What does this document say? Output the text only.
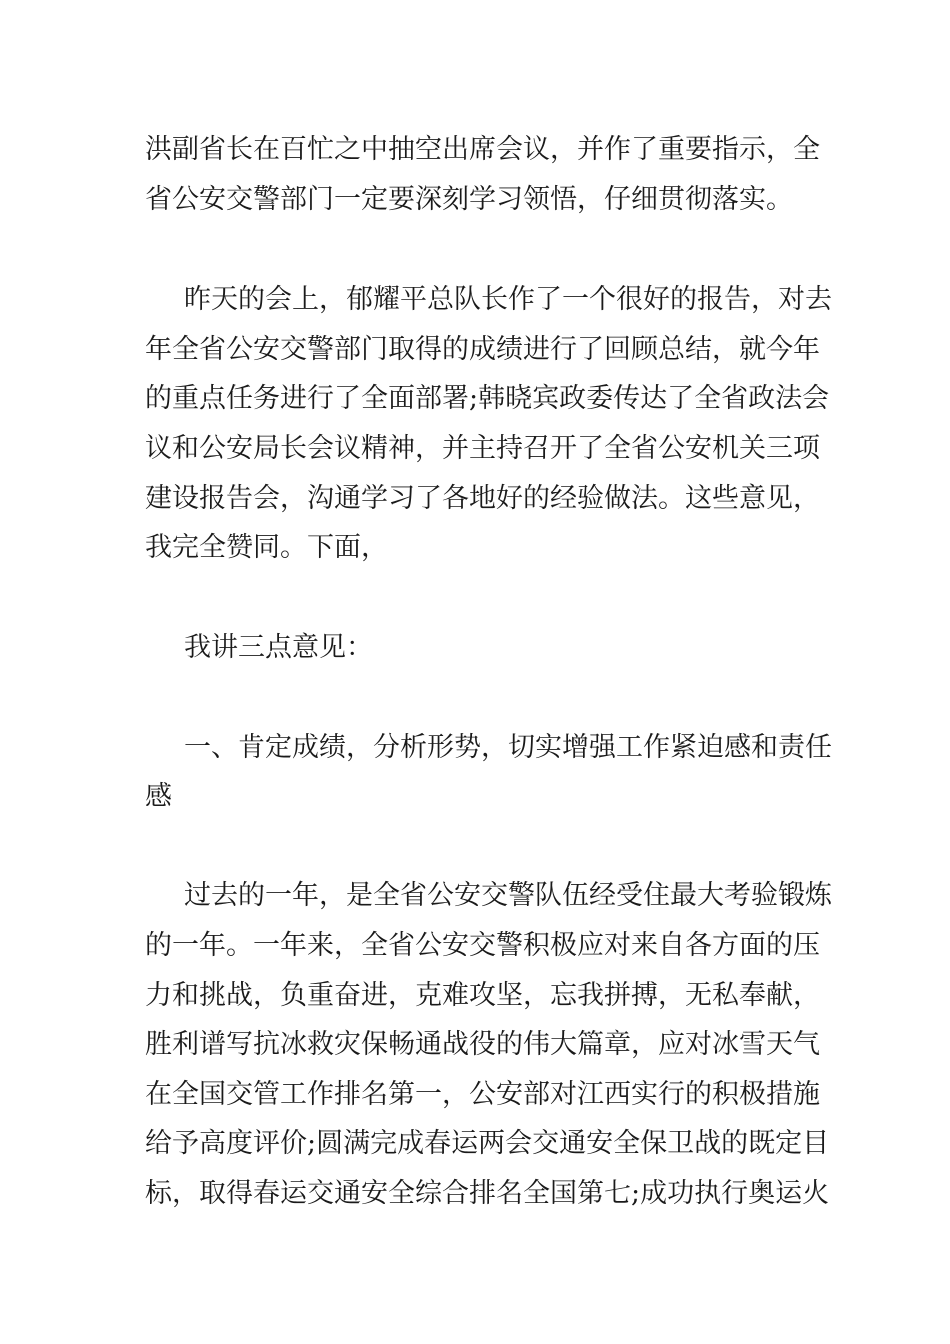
洪副省长在百忙之中抽空出席会议，并作了重要指示，全
省公安交警部门一定要深刻学习领悟，仔细贯彻落实。
昨天的会上，郁耀平总队长作了一个很好的报告，对去
年全省公安交警部门取得的成绩进行了回顾总结，就今年
的重点任务进行了全面部署;韩晓宾政委传达了全省政法会
议和公安局长会议精神，并主持召开了全省公安机关三项
建设报告会，沟通学习了各地好的经验做法。这些意见，
我完全赞同。下面，
我讲三点意见：
一、肯定成绩，分析形势，切实增强工作紧迫感和责任
感
过去的一年，是全省公安交警队伍经受住最大考验锻炼
的一年。一年来，全省公安交警积极应对来自各方面的压
力和挑战，负重奋进，克难攻坚，忘我拼搏，无私奉献，
胜利谱写抗冰救灾保畅通战役的伟大篇章，应对冰雪天气
在全国交管工作排名第一，公安部对江西实行的积极措施
给予高度评价;圆满完成春运两会交通安全保卫战的既定目
标，取得春运交通安全综合排名全国第七;成功执行奥运火
